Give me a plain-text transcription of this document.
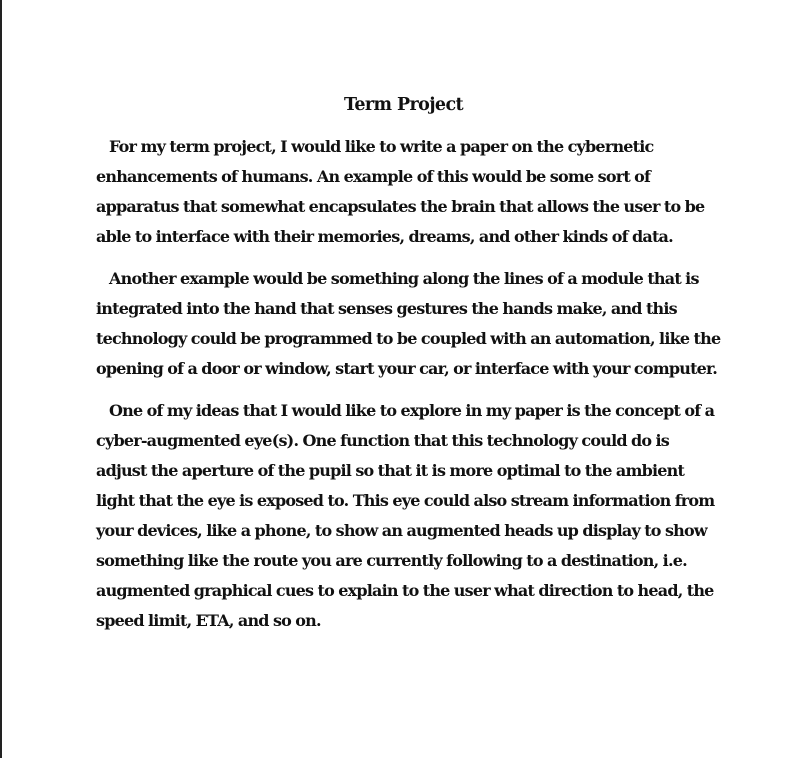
Term Project

For my term project, I would like to write a paper on the cybernetic enhancements of humans. An example of this would be some sort of apparatus that somewhat encapsulates the brain that allows the user to be able to interface with their memories, dreams, and other kinds of data.

Another example would be something along the lines of a module that is integrated into the hand that senses gestures the hands make, and this technology could be programmed to be coupled with an automation, like the opening of a door or window, start your car, or interface with your computer.

One of my ideas that I would like to explore in my paper is the concept of a cyber-augmented eye(s). One function that this technology could do is adjust the aperture of the pupil so that it is more optimal to the ambient light that the eye is exposed to. This eye could also stream information from your devices, like a phone, to show an augmented heads up display to show something like the route you are currently following to a destination, i.e. augmented graphical cues to explain to the user what direction to head, the speed limit, ETA, and so on.
